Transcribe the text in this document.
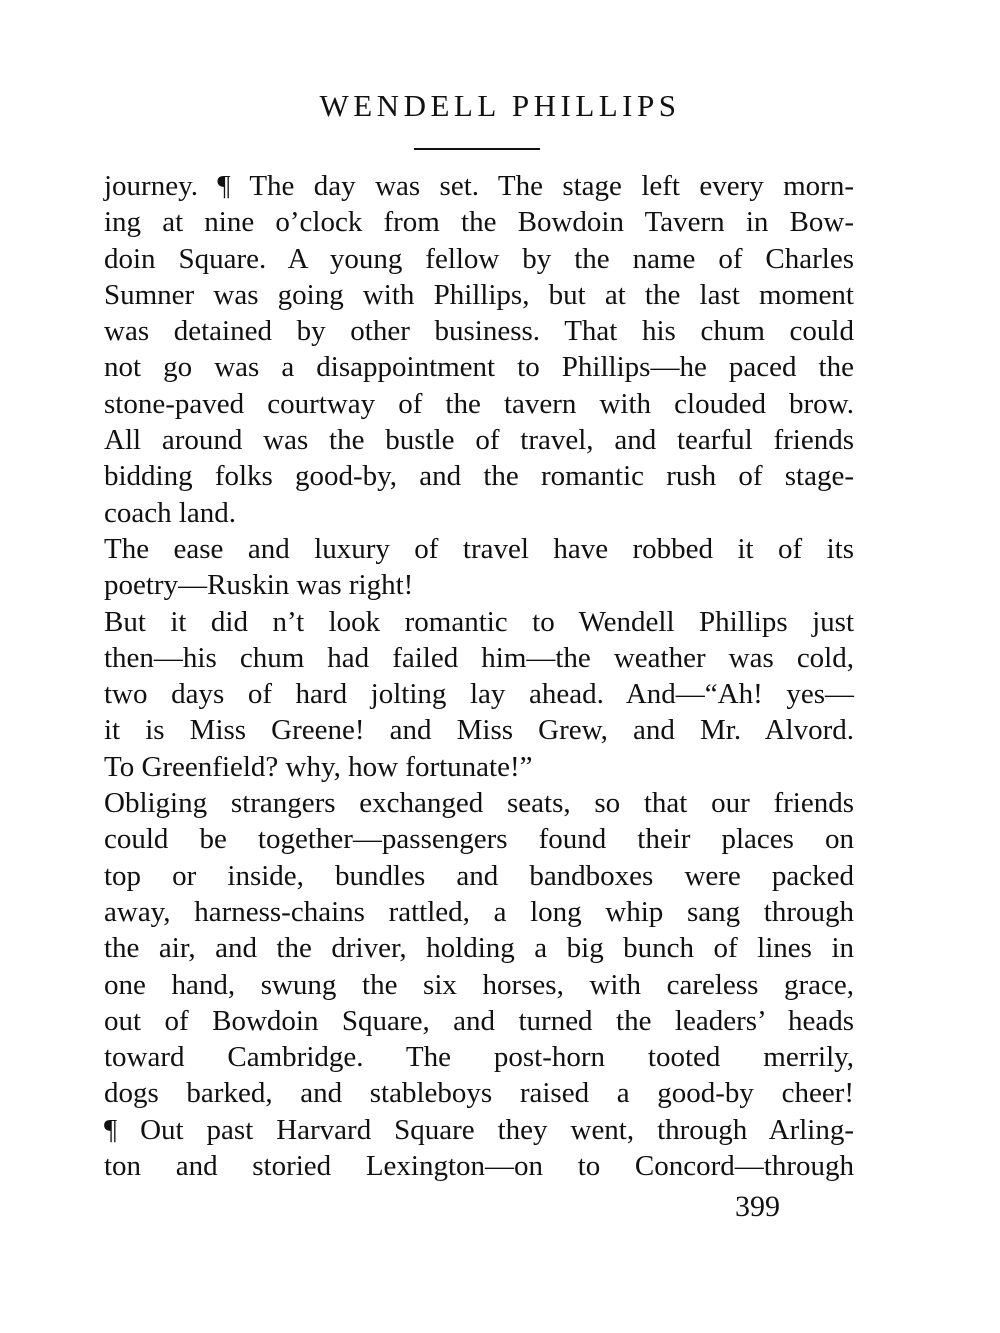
WENDELL PHILLIPS
journey. ¶ The day was set. The stage left every morn-
ing at nine o’clock from the Bowdoin Tavern in Bow-
doin Square. A young fellow by the name of Charles
Sumner was going with Phillips, but at the last moment
was detained by other business. That his chum could
not go was a disappointment to Phillips—he paced the
stone-paved courtway of the tavern with clouded brow.
All around was the bustle of travel, and tearful friends
bidding folks good-by, and the romantic rush of stage-
coach land.
The ease and luxury of travel have robbed it of its
poetry—Ruskin was right!
But it did n’t look romantic to Wendell Phillips just
then—his chum had failed him—the weather was cold,
two days of hard jolting lay ahead. And—“Ah! yes—
it is Miss Greene! and Miss Grew, and Mr. Alvord.
To Greenfield? why, how fortunate!”
Obliging strangers exchanged seats, so that our friends
could be together—passengers found their places on
top or inside, bundles and bandboxes were packed
away, harness-chains rattled, a long whip sang through
the air, and the driver, holding a big bunch of lines in
one hand, swung the six horses, with careless grace,
out of Bowdoin Square, and turned the leaders’ heads
toward Cambridge. The post-horn tooted merrily,
dogs barked, and stableboys raised a good-by cheer!
¶ Out past Harvard Square they went, through Arling-
ton and storied Lexington—on to Concord—through
399
